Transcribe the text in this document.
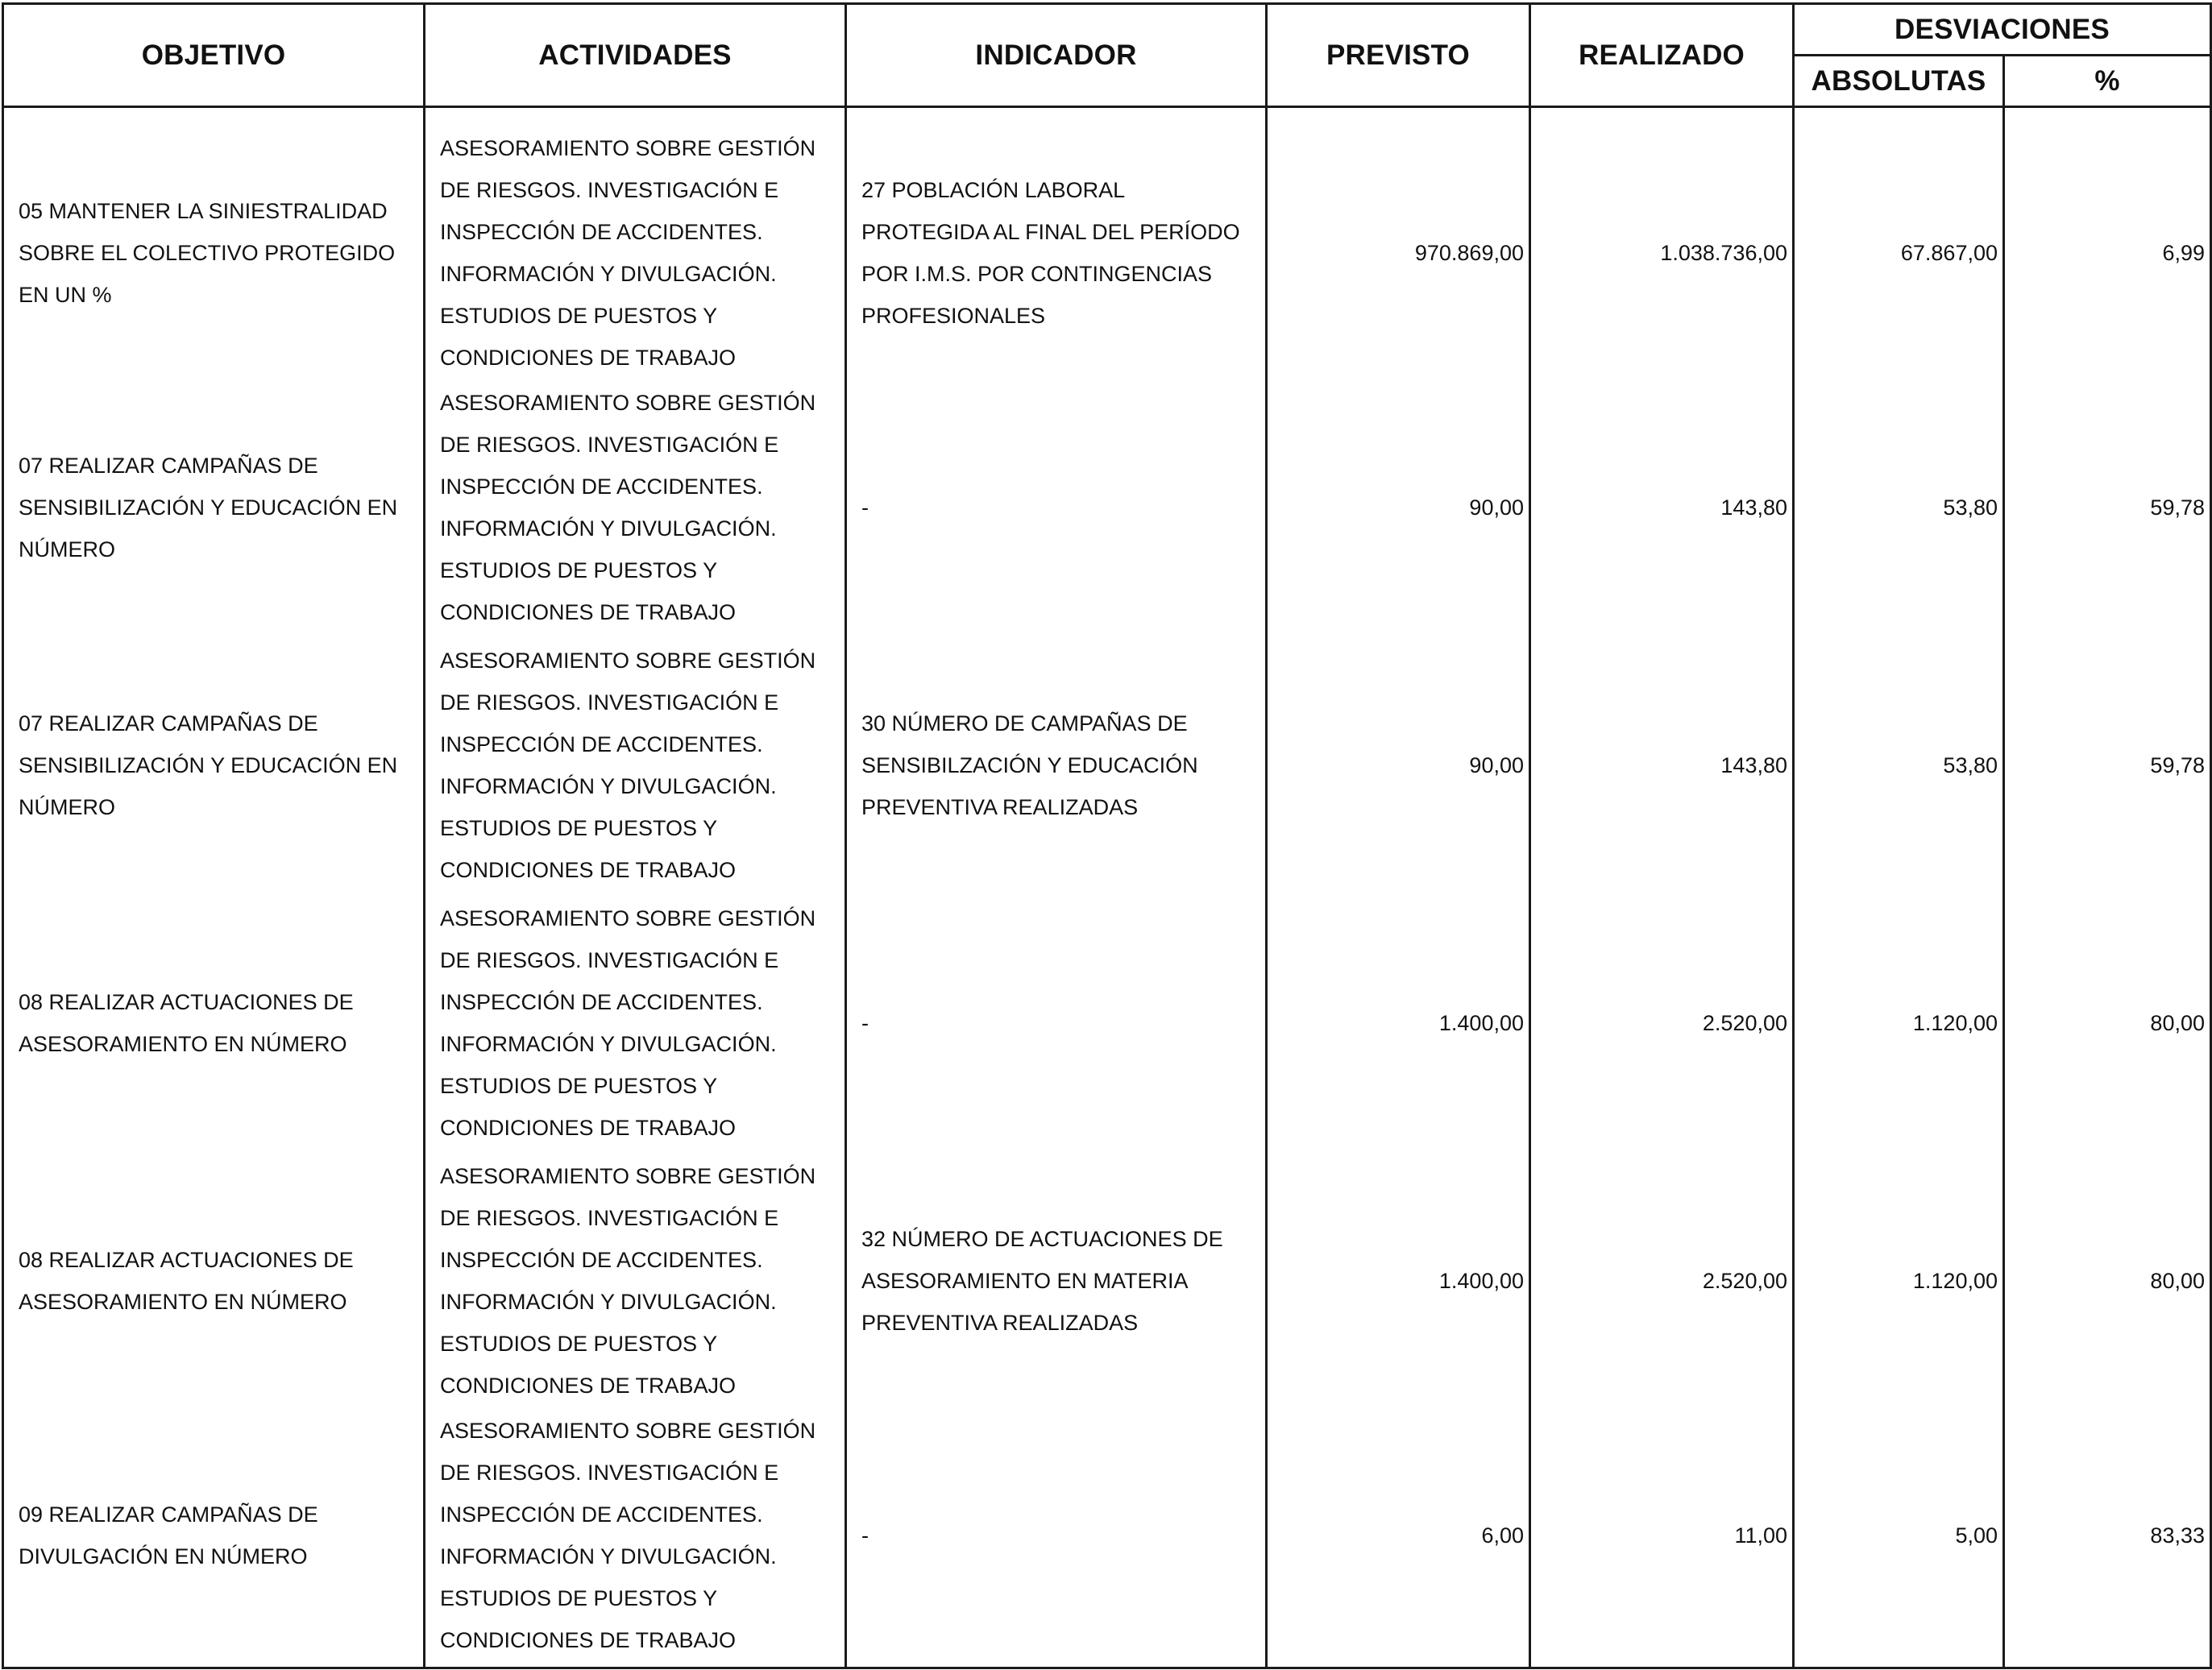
OBJETIVO	ACTIVIDADES	INDICADOR	PREVISTO	REALIZADO	DESVIACIONES	
					ABSOLUTAS	%

05 MANTENER LA SINIESTRALIDAD SOBRE EL COLECTIVO PROTEGIDO EN UN %	ASESORAMIENTO SOBRE GESTIÓN DE RIESGOS. INVESTIGACIÓN E INSPECCIÓN DE ACCIDENTES. INFORMACIÓN Y DIVULGACIÓN. ESTUDIOS DE PUESTOS Y CONDICIONES DE TRABAJO	27 POBLACIÓN LABORAL PROTEGIDA AL FINAL DEL PERÍODO POR I.M.S. POR CONTINGENCIAS PROFESIONALES	970.869,00	1.038.736,00	67.867,00	6,99

07 REALIZAR CAMPAÑAS DE SENSIBILIZACIÓN Y EDUCACIÓN EN NÚMERO	ASESORAMIENTO SOBRE GESTIÓN DE RIESGOS. INVESTIGACIÓN E INSPECCIÓN DE ACCIDENTES. INFORMACIÓN Y DIVULGACIÓN. ESTUDIOS DE PUESTOS Y CONDICIONES DE TRABAJO	-	90,00	143,80	53,80	59,78

07 REALIZAR CAMPAÑAS DE SENSIBILIZACIÓN Y EDUCACIÓN EN NÚMERO	ASESORAMIENTO SOBRE GESTIÓN DE RIESGOS. INVESTIGACIÓN E INSPECCIÓN DE ACCIDENTES. INFORMACIÓN Y DIVULGACIÓN. ESTUDIOS DE PUESTOS Y CONDICIONES DE TRABAJO	30 NÚMERO DE CAMPAÑAS DE SENSIBILZACIÓN Y EDUCACIÓN PREVENTIVA REALIZADAS	90,00	143,80	53,80	59,78

08 REALIZAR ACTUACIONES DE ASESORAMIENTO EN NÚMERO	ASESORAMIENTO SOBRE GESTIÓN DE RIESGOS. INVESTIGACIÓN E INSPECCIÓN DE ACCIDENTES. INFORMACIÓN Y DIVULGACIÓN. ESTUDIOS DE PUESTOS Y CONDICIONES DE TRABAJO	-	1.400,00	2.520,00	1.120,00	80,00

08 REALIZAR ACTUACIONES DE ASESORAMIENTO EN NÚMERO	ASESORAMIENTO SOBRE GESTIÓN DE RIESGOS. INVESTIGACIÓN E INSPECCIÓN DE ACCIDENTES. INFORMACIÓN Y DIVULGACIÓN. ESTUDIOS DE PUESTOS Y CONDICIONES DE TRABAJO	32 NÚMERO DE ACTUACIONES DE ASESORAMIENTO EN MATERIA PREVENTIVA REALIZADAS	1.400,00	2.520,00	1.120,00	80,00

09 REALIZAR CAMPAÑAS DE DIVULGACIÓN EN NÚMERO	ASESORAMIENTO SOBRE GESTIÓN DE RIESGOS. INVESTIGACIÓN E INSPECCIÓN DE ACCIDENTES. INFORMACIÓN Y DIVULGACIÓN. ESTUDIOS DE PUESTOS Y CONDICIONES DE TRABAJO	-	6,00	11,00	5,00	83,33
